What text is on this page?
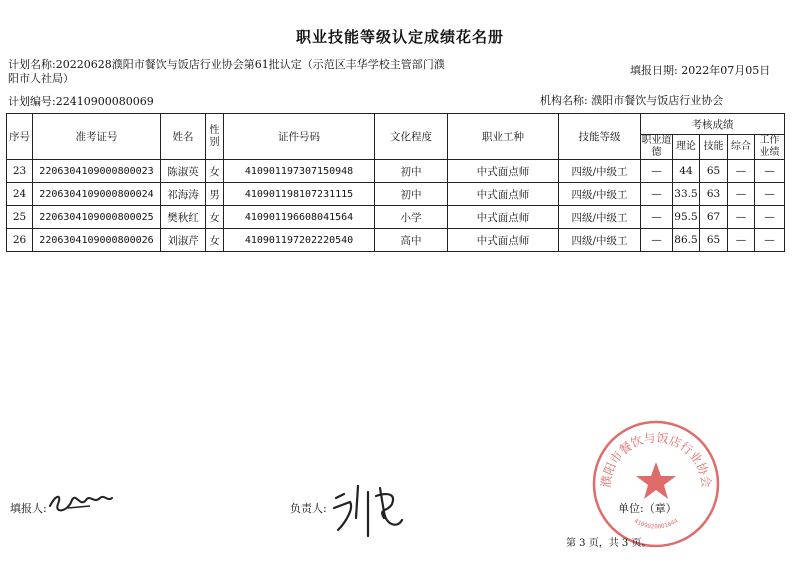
职业技能等级认定成绩花名册
计划名称:20220628濮阳市餐饮与饭店行业协会第61批认定（示范区丰华学校主管部门濮阳市人社局）
填报日期: 2022年07月05日
计划编号:22410900080069	机构名称: 濮阳市餐饮与饭店行业协会
序号	准考证号	姓名	性别	证件号码	文化程度	职业工种	技能等级	考核成绩				
								职业道德	理论	技能	综合	工作业绩
23	220630410900080002З	陈淑英	女	410901197307150948	初中	中式面点师	四级/中级工	—	44	65	—	—
24	2206304109000800024	祁海涛	男	410901198107231115	初中	中式面点师	四级/中级工	—	33.5	63	—	—
25	2206304109000800025	樊秋红	女	410901196608041564	小学	中式面点师	四级/中级工	—	95.5	67	—	—
26	2206304109000800026	刘淑芹	女	410901197202220540	高中	中式面点师	四级/中级工	—	86.5	65	—	—
濮阳市餐饮与饭店行业协会
4109020001644
填报人:	负责人:	单位:（章）
第 3 页，共 3 页。
